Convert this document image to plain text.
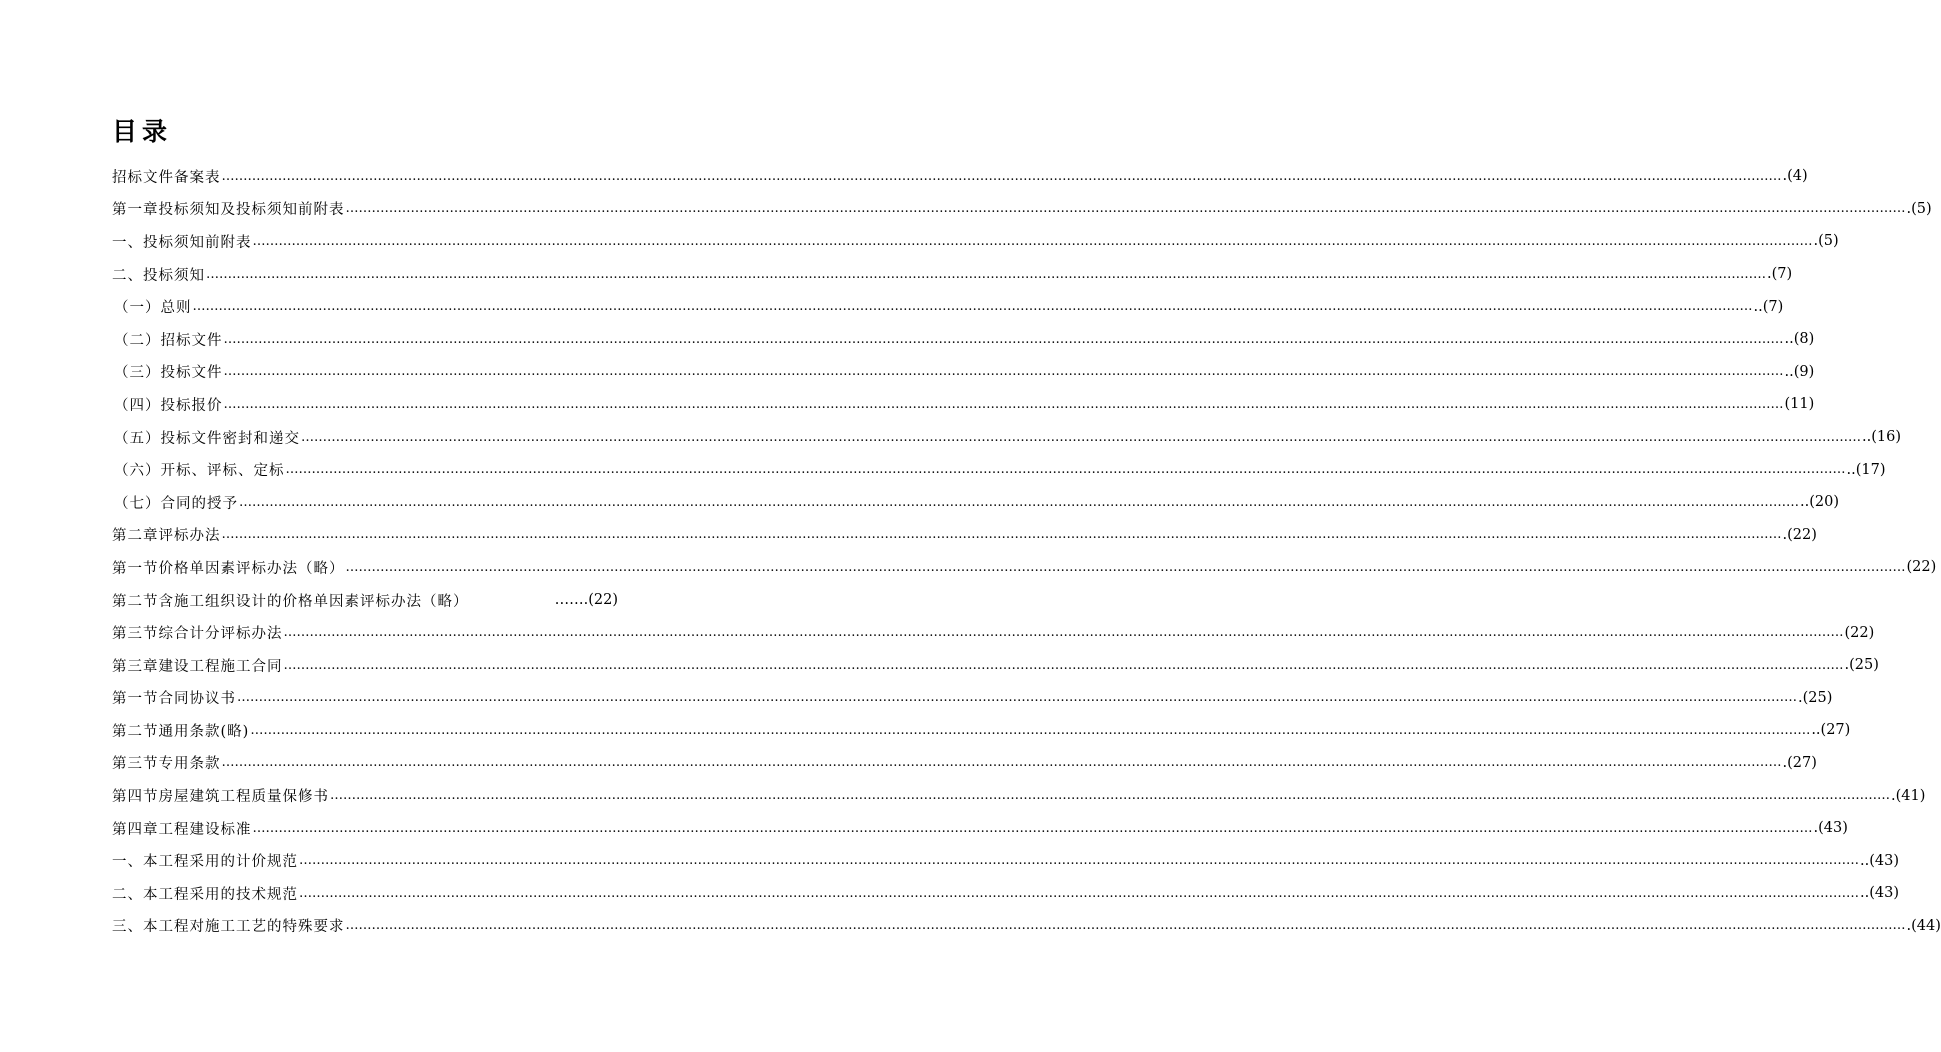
目录
招标文件备案表 ……………………………………………………………………………………………………………………………………………………………………………………………………………………………………………………………………………………………………………………………… .(4)
第一章 投标须知及投标须知前附表 ……………………………………………………………………………………………………………………………………………………………………………………………………………………………………………………………………………………………………………………………… .(5)
一、 投标须知前附表 ……………………………………………………………………………………………………………………………………………………………………………………………………………………………………………………………………………………………………………………………… .(5)
二、 投标须知 ……………………………………………………………………………………………………………………………………………………………………………………………………………………………………………………………………………………………………………………………… .(7)
（一）总则 ……………………………………………………………………………………………………………………………………………………………………………………………………………………………………………………………………………………………………………………………… ..(7)
（二）招标文件 ……………………………………………………………………………………………………………………………………………………………………………………………………………………………………………………………………………………………………………………………… ..(8)
（三）投标文件 ……………………………………………………………………………………………………………………………………………………………………………………………………………………………………………………………………………………………………………………………… ..(9)
（四）投标报价 ……………………………………………………………………………………………………………………………………………………………………………………………………………………………………………………………………………………………………………………………… (11)
（五）投标文件密封和递交 ……………………………………………………………………………………………………………………………………………………………………………………………………………………………………………………………………………………………………………………………… ..(16)
（六）开标、评标、定标 ……………………………………………………………………………………………………………………………………………………………………………………………………………………………………………………………………………………………………………………………… ..(17)
（七）合同的授予 ……………………………………………………………………………………………………………………………………………………………………………………………………………………………………………………………………………………………………………………………… ..(20)
第二章 评标办法 ……………………………………………………………………………………………………………………………………………………………………………………………………………………………………………………………………………………………………………………………… .(22)
第一节价格单因素评标办法（略） ……………………………………………………………………………………………………………………………………………………………………………………………………………………………………………………………………………………………………………………………… (22)
第二节含施工组织设计的价格单因素评标办法（略）	…….(22)
第三节 综合计分评标办法 ……………………………………………………………………………………………………………………………………………………………………………………………………………………………………………………………………………………………………………………………… (22)
第三章 建设工程施工合同 ……………………………………………………………………………………………………………………………………………………………………………………………………………………………………………………………………………………………………………………………… .(25)
第一节合同协议书 ……………………………………………………………………………………………………………………………………………………………………………………………………………………………………………………………………………………………………………………………… .(25)
第二节通用条款(略) ……………………………………………………………………………………………………………………………………………………………………………………………………………………………………………………………………………………………………………………………… ..(27)
第三节 专用条款 ……………………………………………………………………………………………………………………………………………………………………………………………………………………………………………………………………………………………………………………………… .(27)
第四节 房屋建筑工程质量保修书 ……………………………………………………………………………………………………………………………………………………………………………………………………………………………………………………………………………………………………………………………… .(41)
第四章 工程建设标准 ……………………………………………………………………………………………………………………………………………………………………………………………………………………………………………………………………………………………………………………………… .(43)
一、本工程采用的计价规范 ……………………………………………………………………………………………………………………………………………………………………………………………………………………………………………………………………………………………………………………………… ..(43)
二、本工程采用的技术规范 ……………………………………………………………………………………………………………………………………………………………………………………………………………………………………………………………………………………………………………………………… ..(43)
三、本工程对施工工艺的特殊要求 ……………………………………………………………………………………………………………………………………………………………………………………………………………………………………………………………………………………………………………………………… .(44)
